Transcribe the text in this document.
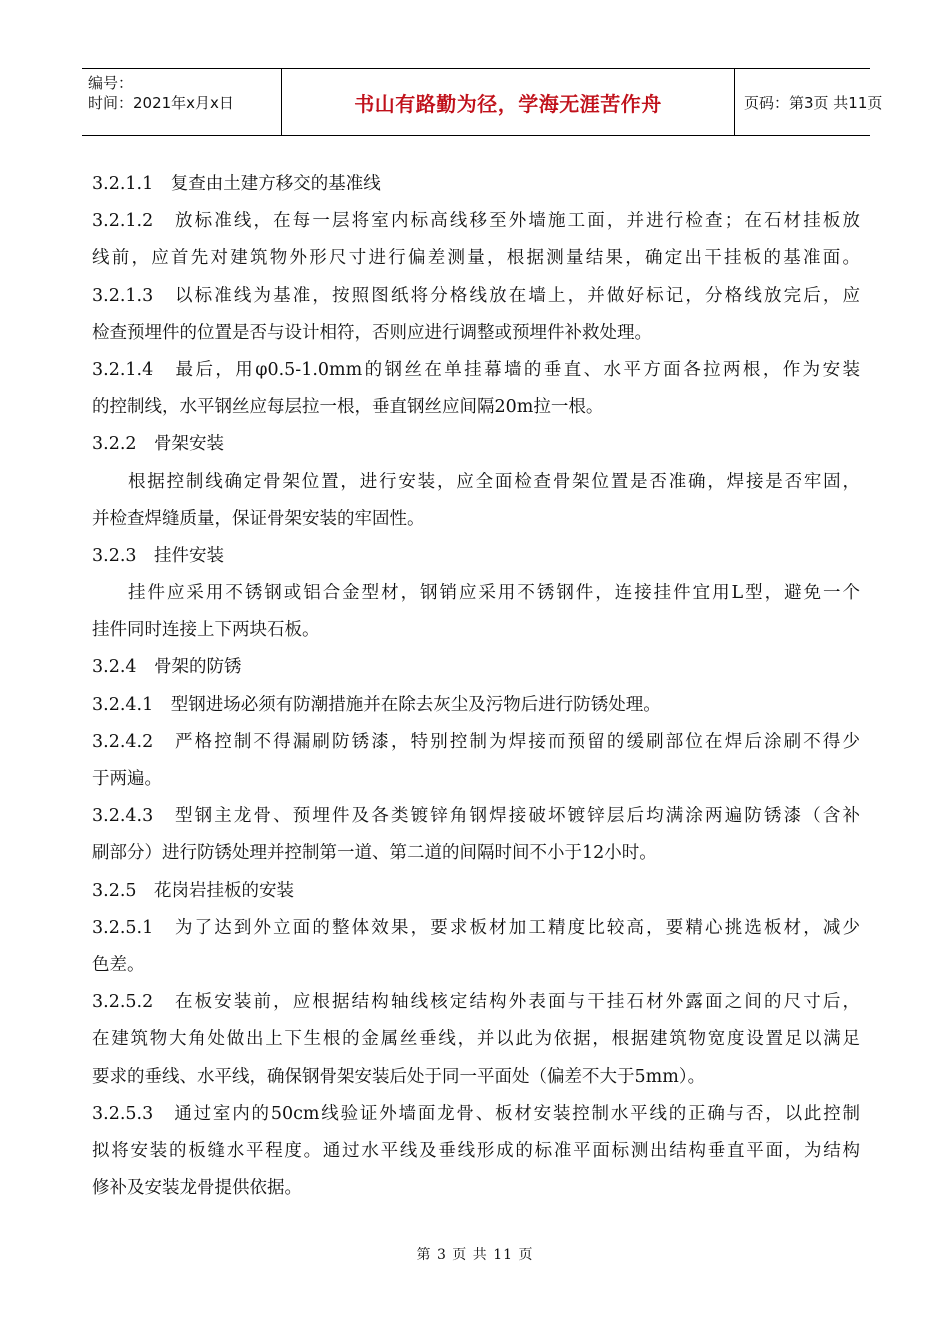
编号：
时间：2021年x月x日	书山有路勤为径，学海无涯苦作舟	页码：第3页 共11页
3.2.1.1　复查由土建方移交的基准线
3.2.1.2　放标准线，在每一层将室内标高线移至外墙施工面，并进行检查；在石材挂板放
线前，应首先对建筑物外形尺寸进行偏差测量，根据测量结果，确定出干挂板的基准面。
3.2.1.3　以标准线为基准，按照图纸将分格线放在墙上，并做好标记，分格线放完后，应
检查预埋件的位置是否与设计相符，否则应进行调整或预埋件补救处理。
3.2.1.4　最后，用φ0.5-1.0mm的钢丝在单挂幕墙的垂直、水平方面各拉两根，作为安装
的控制线，水平钢丝应每层拉一根，垂直钢丝应间隔20m拉一根。
3.2.2　骨架安装
根据控制线确定骨架位置，进行安装，应全面检查骨架位置是否准确，焊接是否牢固，
并检查焊缝质量，保证骨架安装的牢固性。
3.2.3　挂件安装
挂件应采用不锈钢或铝合金型材，钢销应采用不锈钢件，连接挂件宜用L型，避免一个
挂件同时连接上下两块石板。
3.2.4　骨架的防锈
3.2.4.1　型钢进场必须有防潮措施并在除去灰尘及污物后进行防锈处理。
3.2.4.2　严格控制不得漏刷防锈漆，特别控制为焊接而预留的缓刷部位在焊后涂刷不得少
于两遍。
3.2.4.3　型钢主龙骨、预埋件及各类镀锌角钢焊接破坏镀锌层后均满涂两遍防锈漆（含补
刷部分）进行防锈处理并控制第一道、第二道的间隔时间不小于12小时。
3.2.5　花岗岩挂板的安装
3.2.5.1　为了达到外立面的整体效果，要求板材加工精度比较高，要精心挑选板材，减少
色差。
3.2.5.2　在板安装前，应根据结构轴线核定结构外表面与干挂石材外露面之间的尺寸后，
在建筑物大角处做出上下生根的金属丝垂线，并以此为依据，根据建筑物宽度设置足以满足
要求的垂线、水平线，确保钢骨架安装后处于同一平面处（偏差不大于5mm）。
3.2.5.3　通过室内的50cm线验证外墙面龙骨、板材安装控制水平线的正确与否，以此控制
拟将安装的板缝水平程度。通过水平线及垂线形成的标准平面标测出结构垂直平面，为结构
修补及安装龙骨提供依据。
第 3 页 共 11 页
